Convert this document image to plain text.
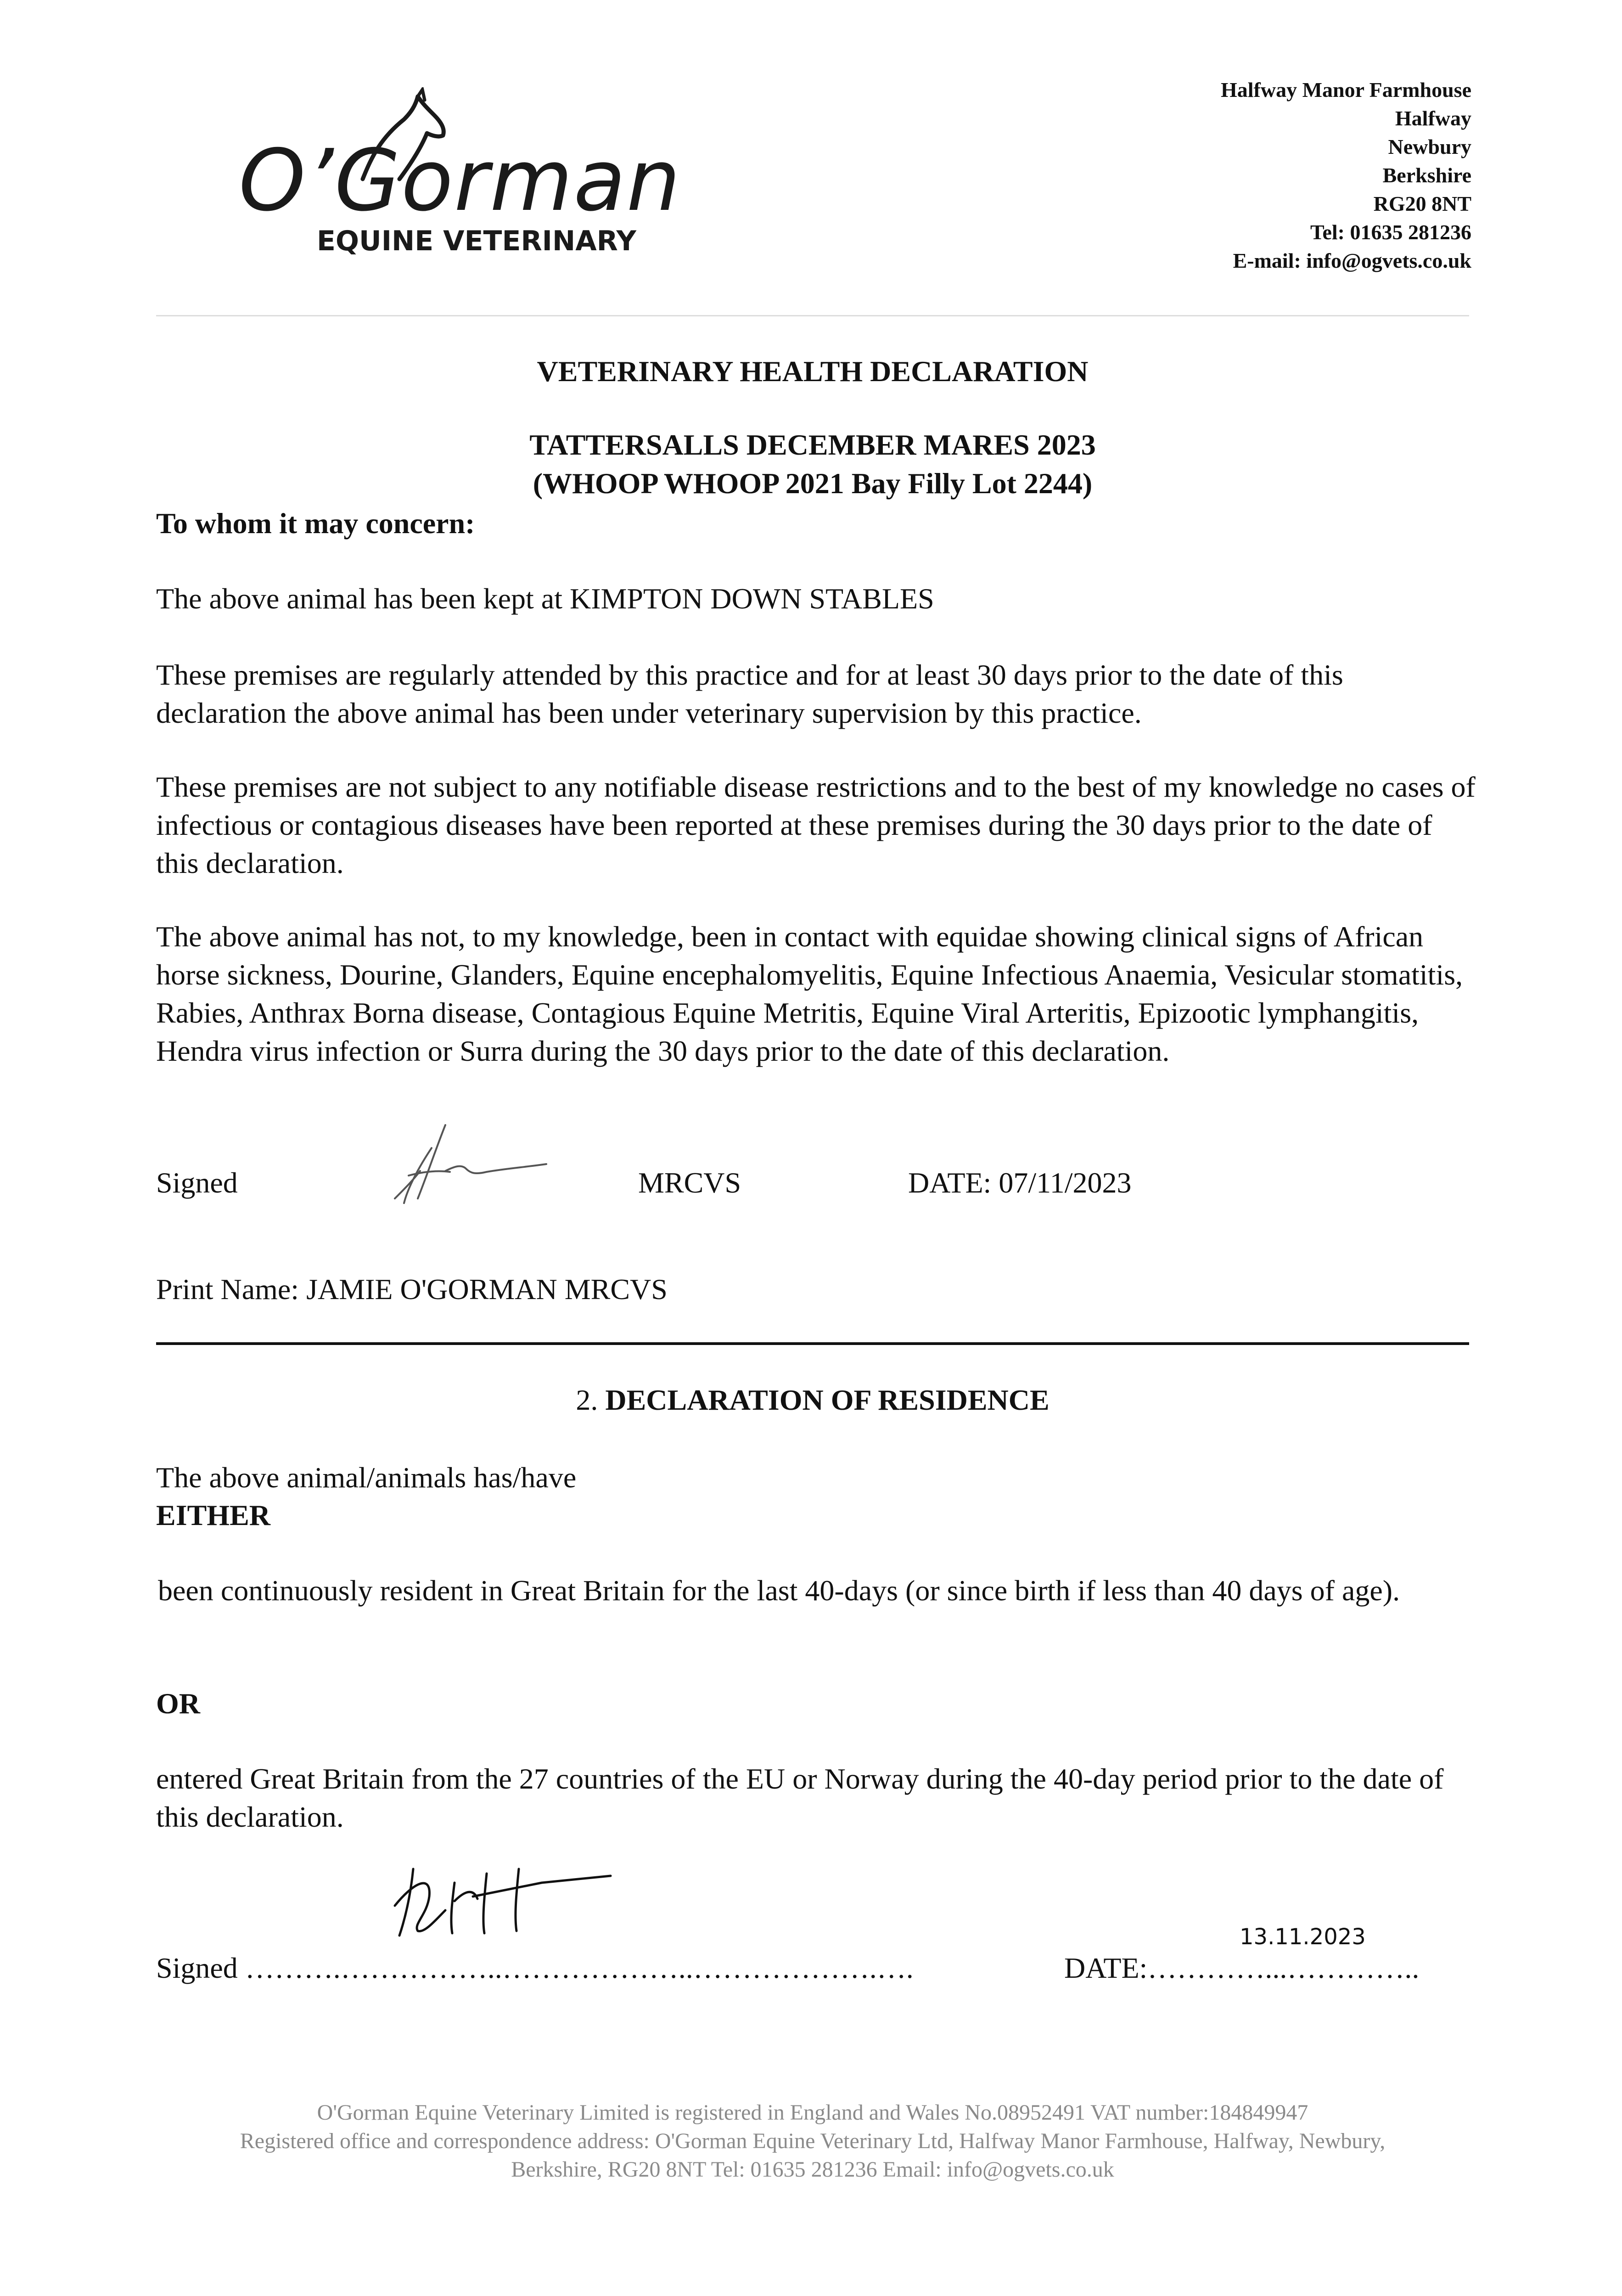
O’Gorman
EQUINE VETERINARY
Halfway Manor Farmhouse
Halfway
Newbury
Berkshire
RG20 8NT
Tel: 01635 281236
E-mail: info@ogvets.co.uk
VETERINARY HEALTH DECLARATION
TATTERSALLS DECEMBER MARES 2023
(WHOOP WHOOP 2021 Bay Filly Lot 2244)
To whom it may concern:
The above animal has been kept at KIMPTON DOWN STABLES
These premises are regularly attended by this practice and for at least 30 days prior to the date of this declaration the above animal has been under veterinary supervision by this practice.
These premises are not subject to any notifiable disease restrictions and to the best of my knowledge no cases of infectious or contagious diseases have been reported at these premises during the 30 days prior to the date of this declaration.
The above animal has not, to my knowledge, been in contact with equidae showing clinical signs of African horse sickness, Dourine, Glanders, Equine encephalomyelitis, Equine Infectious Anaemia, Vesicular stomatitis, Rabies, Anthrax Borna disease, Contagious Equine Metritis, Equine Viral Arteritis, Epizootic lymphangitis, Hendra virus infection or Surra during the 30 days prior to the date of this declaration.
Signed	MRCVS	DATE: 07/11/2023
Print Name: JAMIE O'GORMAN MRCVS
2. DECLARATION OF RESIDENCE
The above animal/animals has/have
EITHER
been continuously resident in Great Britain for the last 40-days (or since birth if less than 40 days of age).
OR
entered Great Britain from the 27 countries of the EU or Norway during the 40-day period prior to the date of this declaration.
13.11.2023
Signed ……….……………..………………..……………….….	DATE:…………...…………..
O'Gorman Equine Veterinary Limited is registered in England and Wales No.08952491 VAT number:184849947
Registered office and correspondence address: O'Gorman Equine Veterinary Ltd, Halfway Manor Farmhouse, Halfway, Newbury,
Berkshire, RG20 8NT Tel: 01635 281236 Email: info@ogvets.co.uk
